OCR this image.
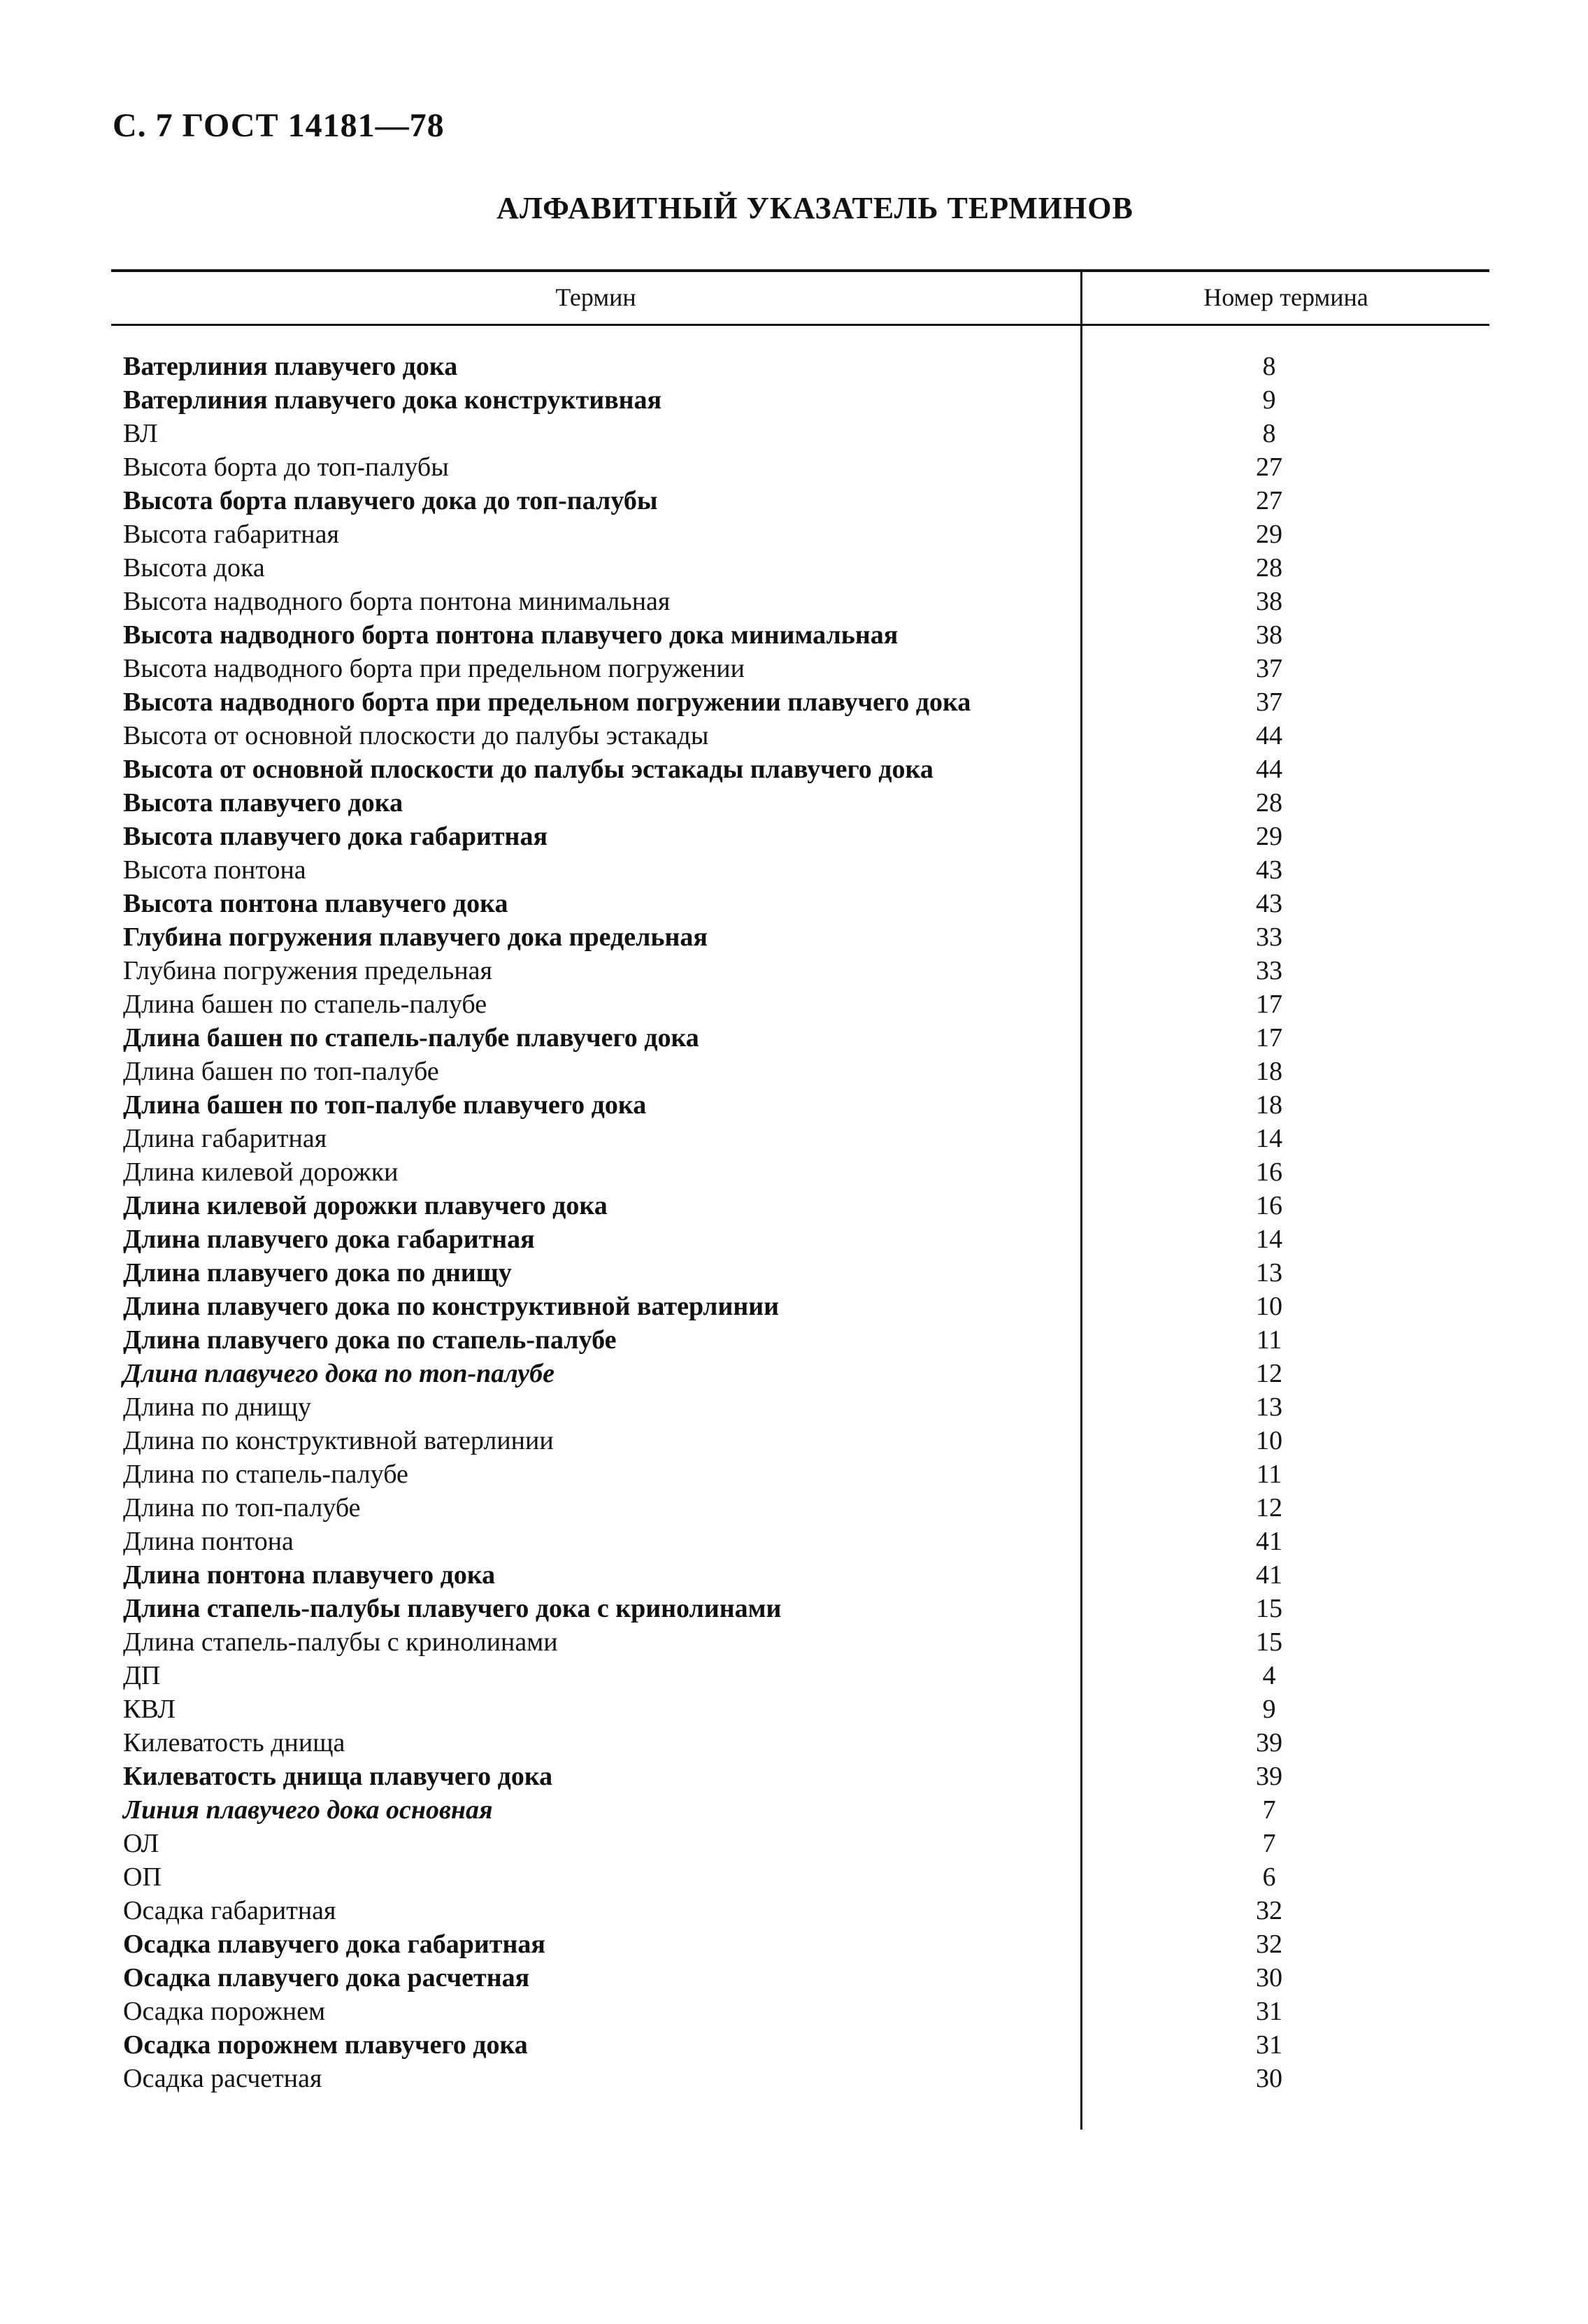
С. 7 ГОСТ 14181—78
АЛФАВИТНЫЙ УКАЗАТЕЛЬ ТЕРМИНОВ
Термин	Номер термина
Ватерлиния плавучего дока	8
Ватерлиния плавучего дока конструктивная	9
ВЛ	8
Высота борта до топ-палубы	27
Высота борта плавучего дока до топ-палубы	27
Высота габаритная	29
Высота дока	28
Высота надводного борта понтона минимальная	38
Высота надводного борта понтона плавучего дока минимальная	38
Высота надводного борта при предельном погружении	37
Высота надводного борта при предельном погружении плавучего дока	37
Высота от основной плоскости до палубы эстакады	44
Высота от основной плоскости до палубы эстакады плавучего дока	44
Высота плавучего дока	28
Высота плавучего дока габаритная	29
Высота понтона	43
Высота понтона плавучего дока	43
Глубина погружения плавучего дока предельная	33
Глубина погружения предельная	33
Длина башен по стапель-палубе	17
Длина башен по стапель-палубе плавучего дока	17
Длина башен по топ-палубе	18
Длина башен по топ-палубе плавучего дока	18
Длина габаритная	14
Длина килевой дорожки	16
Длина килевой дорожки плавучего дока	16
Длина плавучего дока габаритная	14
Длина плавучего дока по днищу	13
Длина плавучего дока по конструктивной ватерлинии	10
Длина плавучего дока по стапель-палубе	11
Длина плавучего дока по топ-палубе	12
Длина по днищу	13
Длина по конструктивной ватерлинии	10
Длина по стапель-палубе	11
Длина по топ-палубе	12
Длина понтона	41
Длина понтона плавучего дока	41
Длина стапель-палубы плавучего дока с кринолинами	15
Длина стапель-палубы с кринолинами	15
ДП	4
КВЛ	9
Килеватость днища	39
Килеватость днища плавучего дока	39
Линия плавучего дока основная	7
ОЛ	7
ОП	6
Осадка габаритная	32
Осадка плавучего дока габаритная	32
Осадка плавучего дока расчетная	30
Осадка порожнем	31
Осадка порожнем плавучего дока	31
Осадка расчетная	30
